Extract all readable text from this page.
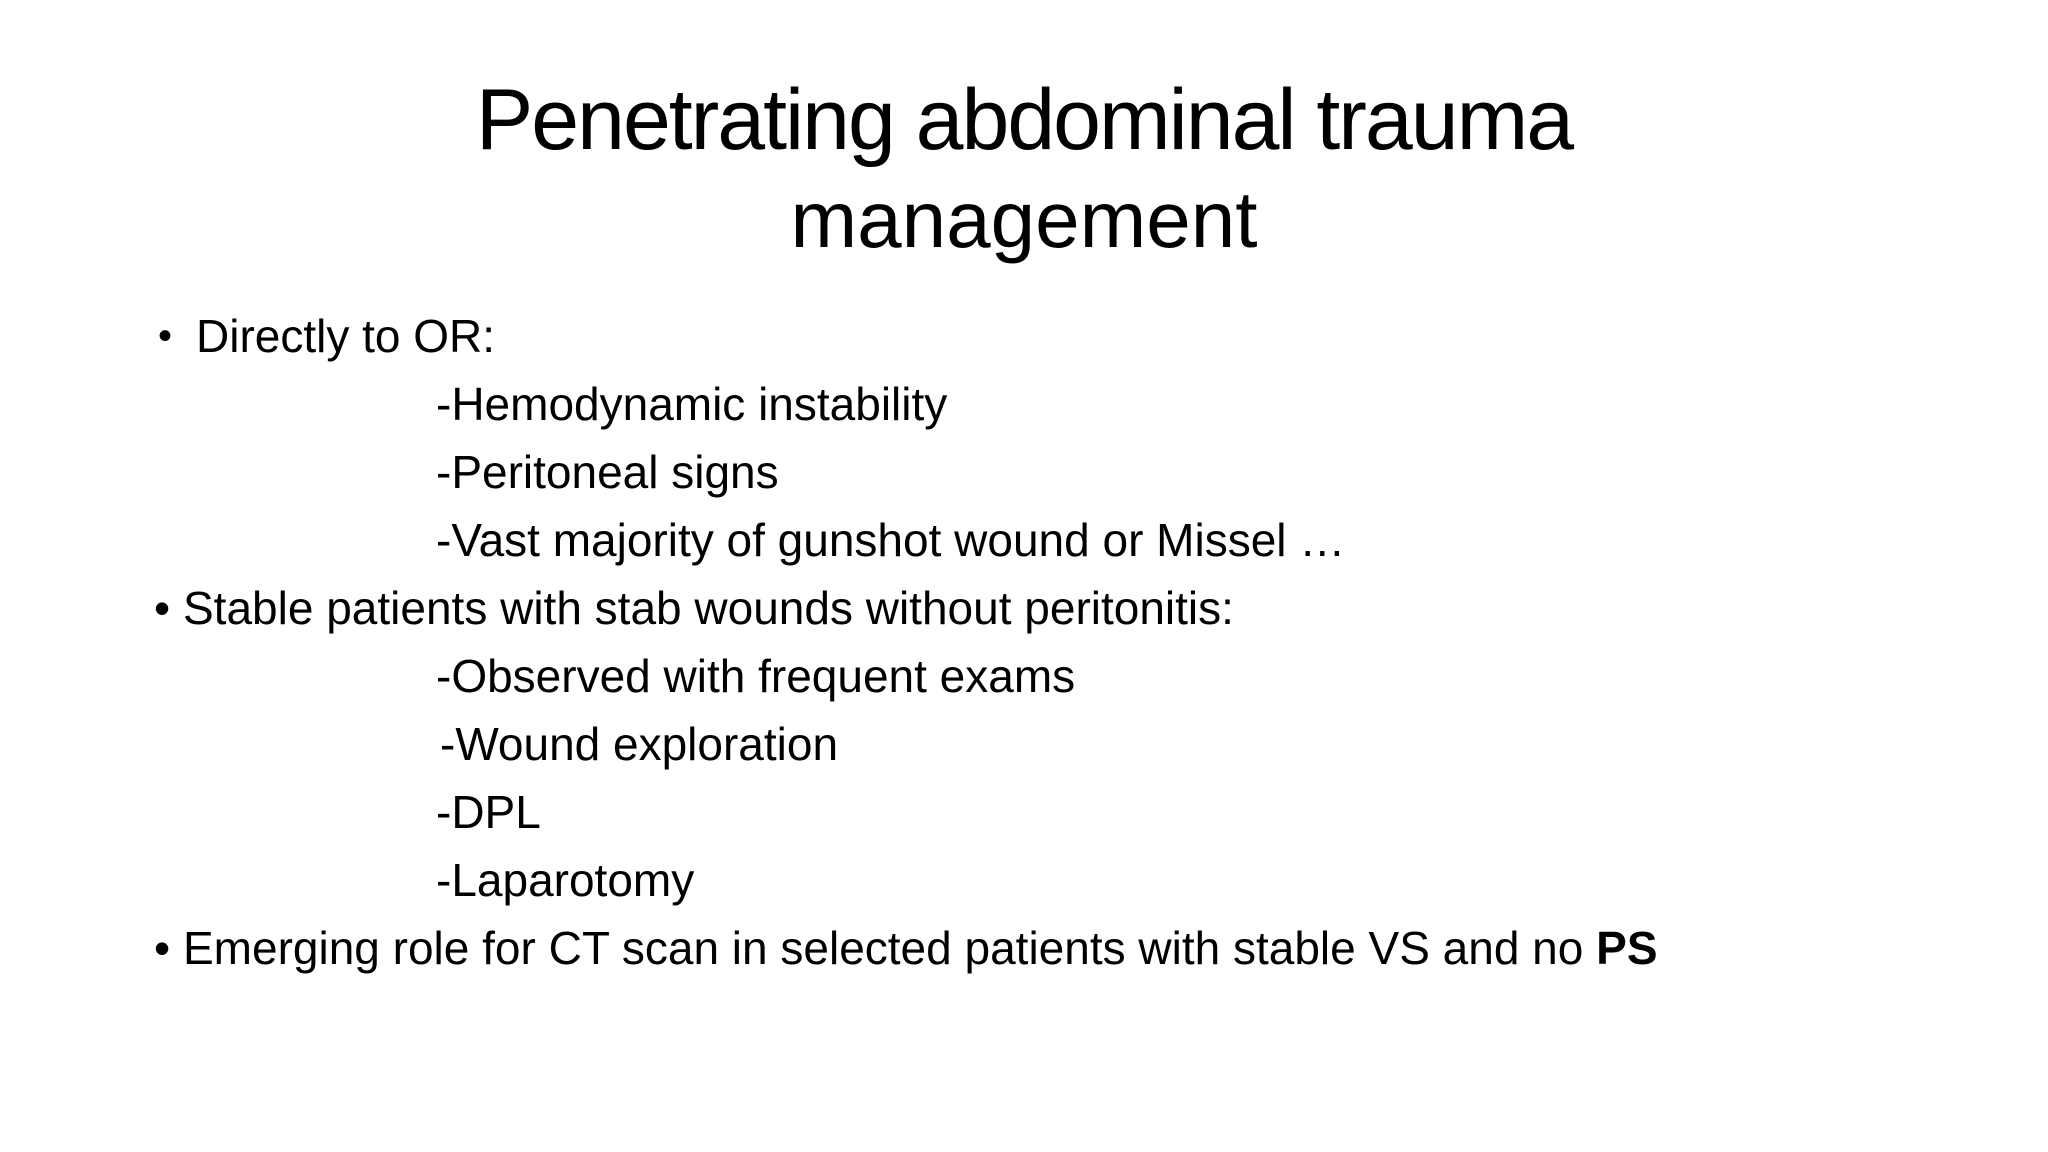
Penetrating abdominal trauma
management
• Directly to OR:
-Hemodynamic instability
-Peritoneal signs
-Vast majority of gunshot wound or Missel …
• Stable patients with stab wounds without peritonitis:
-Observed with frequent exams
-Wound exploration
-DPL
-Laparotomy
• Emerging role for CT scan in selected patients with stable VS and no PS
